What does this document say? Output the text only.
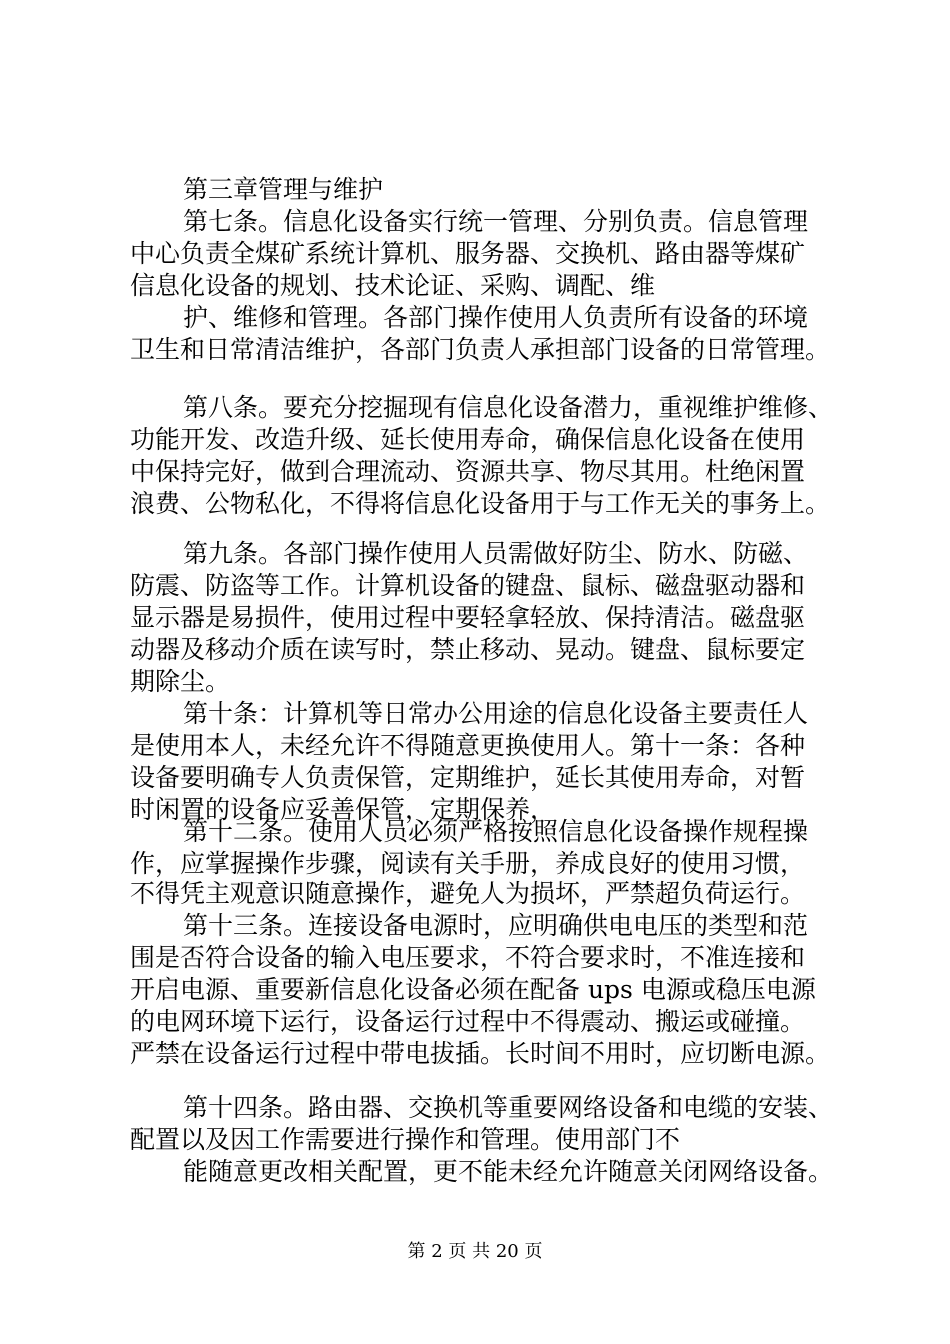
第三章管理与维护
第七条。信息化设备实行统一管理、分别负责。信息管理
中心负责全煤矿系统计算机、服务器、交换机、路由器等煤矿
信息化设备的规划、技术论证、采购、调配、维
护、维修和管理。各部门操作使用人负责所有设备的环境
卫生和日常清洁维护，各部门负责人承担部门设备的日常管理。
第八条。要充分挖掘现有信息化设备潜力，重视维护维修、
功能开发、改造升级、延长使用寿命，确保信息化设备在使用
中保持完好，做到合理流动、资源共享、物尽其用。杜绝闲置
浪费、公物私化，不得将信息化设备用于与工作无关的事务上。
第九条。各部门操作使用人员需做好防尘、防水、防磁、
防震、防盗等工作。计算机设备的键盘、鼠标、磁盘驱动器和
显示器是易损件，使用过程中要轻拿轻放、保持清洁。磁盘驱
动器及移动介质在读写时，禁止移动、晃动。键盘、鼠标要定
期除尘。
第十条：计算机等日常办公用途的信息化设备主要责任人
是使用本人，未经允许不得随意更换使用人。第十一条：各种
设备要明确专人负责保管，定期维护，延长其使用寿命，对暂
时闲置的设备应妥善保管，定期保养，
第十二条。使用人员必须严格按照信息化设备操作规程操
作，应掌握操作步骤，阅读有关手册，养成良好的使用习惯，
不得凭主观意识随意操作，避免人为损坏，严禁超负荷运行。
第十三条。连接设备电源时，应明确供电电压的类型和范
围是否符合设备的输入电压要求，不符合要求时，不准连接和
开启电源、重要新信息化设备必须在配备 ups 电源或稳压电源
的电网环境下运行，设备运行过程中不得震动、搬运或碰撞。
严禁在设备运行过程中带电拔插。长时间不用时，应切断电源。
第十四条。路由器、交换机等重要网络设备和电缆的安装、
配置以及因工作需要进行操作和管理。使用部门不
能随意更改相关配置，更不能未经允许随意关闭网络设备。
第 2 页 共 20 页
